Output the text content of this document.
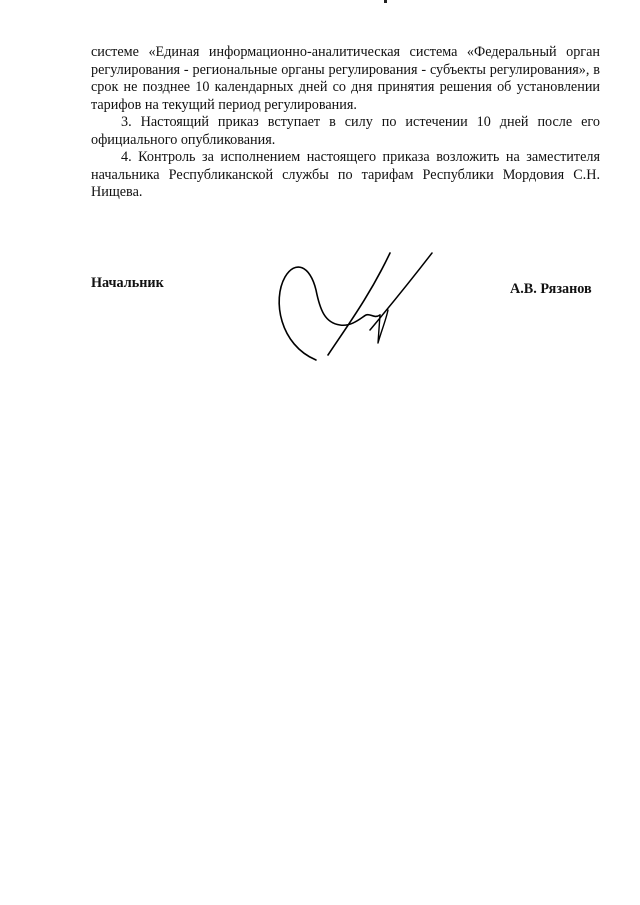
системе «Единая информационно-аналитическая система «Федеральный орган регулирования - региональные органы регулирования - субъекты регулирования», в срок не позднее 10 календарных дней со дня принятия решения об установлении тарифов на текущий период регулирования.

3. Настоящий приказ вступает в силу по истечении 10 дней после его официального опубликования.

4. Контроль за исполнением настоящего приказа возложить на заместителя начальника Республиканской службы по тарифам Республики Мордовия С.Н. Нищева.

Начальник	А.В. Рязанов
